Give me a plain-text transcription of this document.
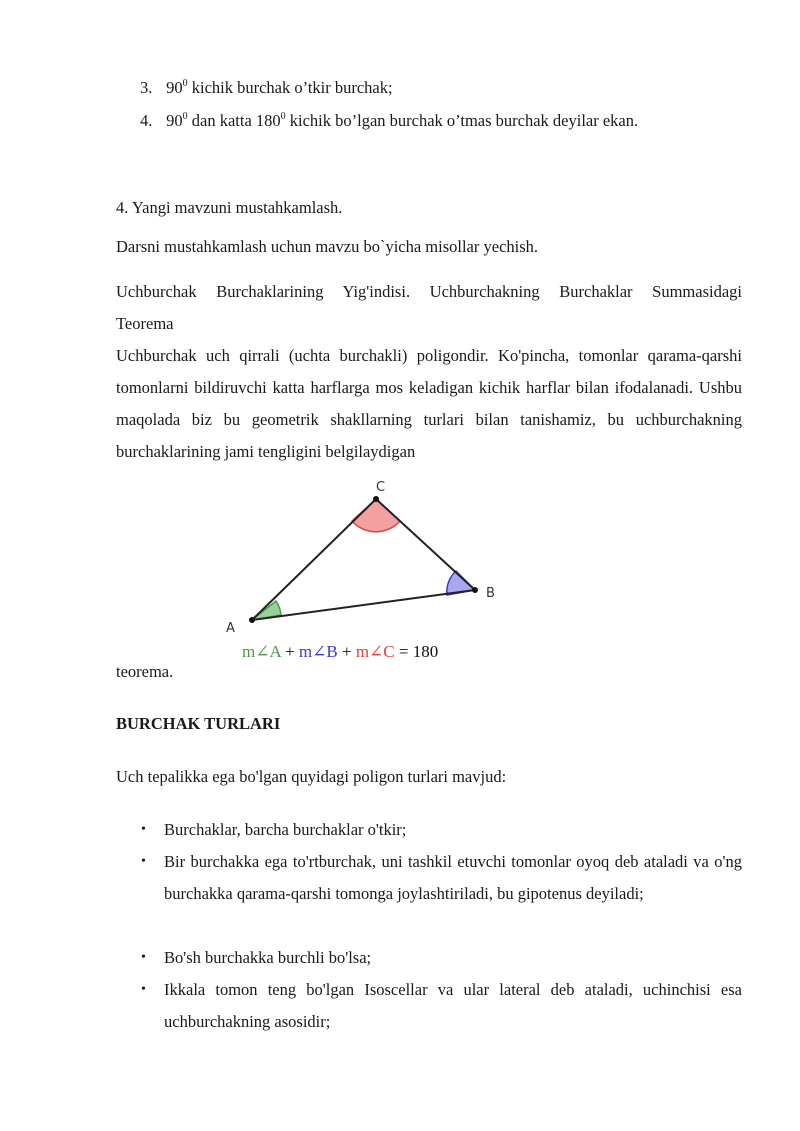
3. $90^0$ kichik burchak o’tkir burchak;
4. $90^0$ dan katta $180^0$ kichik bo’lgan burchak o’tmas burchak deyilar ekan.
4. Yangi mavzuni mustahkamlash.
Darsni mustahkamlash uchun mavzu bo`yicha misollar yechish.
Uchburchak Burchaklarining Yig'indisi. Uchburchakning Burchaklar Summasidagi
Teorema
Uchburchak uch qirrali (uchta burchakli) poligondir. Ko'pincha, tomonlar qarama-qarshi tomonlarni bildiruvchi katta harflarga mos keladigan kichik harflar bilan ifodalanadi. Ushbu maqolada biz bu geometrik shakllarning turlari bilan tanishamiz, bu uchburchakning burchaklarining jami tengligini belgilaydigan
A
C
B
m∠A + m∠B + m∠C = 180
teorema.
BURCHAK TURLARI
Uch tepalikka ega bo'lgan quyidagi poligon turlari mavjud:
• Burchaklar, barcha burchaklar o'tkir;
• Bir burchakka ega to'rtburchak, uni tashkil etuvchi tomonlar oyoq deb ataladi va o'ng burchakka qarama-qarshi tomonga joylashtiriladi, bu gipotenus deyiladi;
• Bo'sh burchakka burchli bo'lsa;
• Ikkala tomon teng bo'lgan Isoscellar va ular lateral deb ataladi, uchinchisi esa uchburchakning asosidir;
